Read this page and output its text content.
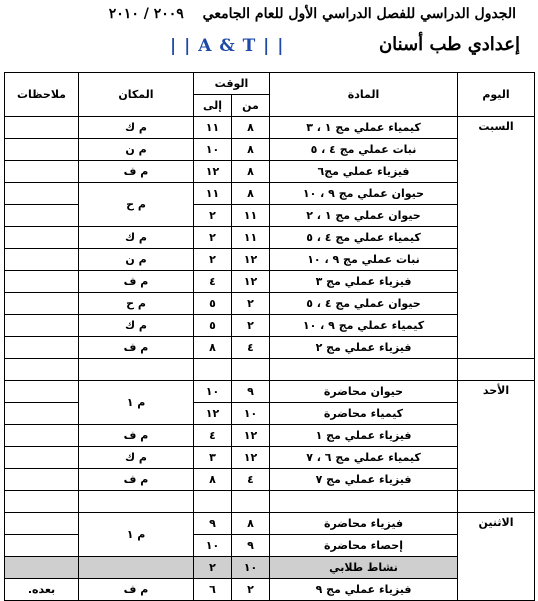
الجدول الدراسي للفصل الدراسي الأول للعام الجامعي ٢٠٠٩ / ٢٠١٠
إعدادي طب أسنان
| | A & T | |
اليوم	المادة	الوقت		المكان	ملاحظات
		من	إلى		
السبت	كيمياء عملي مج ١ ، ٣	٨	١١	م ك	
	نبات عملي مج ٤ ، ٥	٨	١٠	م ن	
	فيزياء عملي مج٦	٨	١٢	م ف	
	حيوان عملي مج ٩ ، ١٠	٨	١١	م ح	
	حيوان عملي مج ١ ، ٢	١١	٢		
	كيمياء عملي مج ٤ ، ٥	١١	٢	م ك	
	نبات عملي مج ٩ ، ١٠	١٢	٢	م ن	
	فيزياء عملي مج ٣	١٢	٤	م ف	
	حيوان عملي مج ٤ ، ٥	٢	٥	م ح	
	كيمياء عملي مج ٩ ، ١٠	٢	٥	م ك	
	فيزياء عملي مج ٢	٤	٨	م ف	

الأحد	حيوان محاضرة	٩	١٠	م ١	
	كيمياء محاضرة	١٠	١٢		
	فيزياء عملي مج ١	١٢	٤	م ف	
	كيمياء عملي مج ٦ ، ٧	١٢	٣	م ك	
	فيزياء عملي مج ٧	٤	٨	م ف	

الاثنين	فيزياء محاضرة	٨	٩	م ١	
	إحصاء محاضرة	٩	١٠		
	نشاط طلابي	١٠	٢		
	فيزياء عملي مج ٩	٢	٦	م ف	بعده.
